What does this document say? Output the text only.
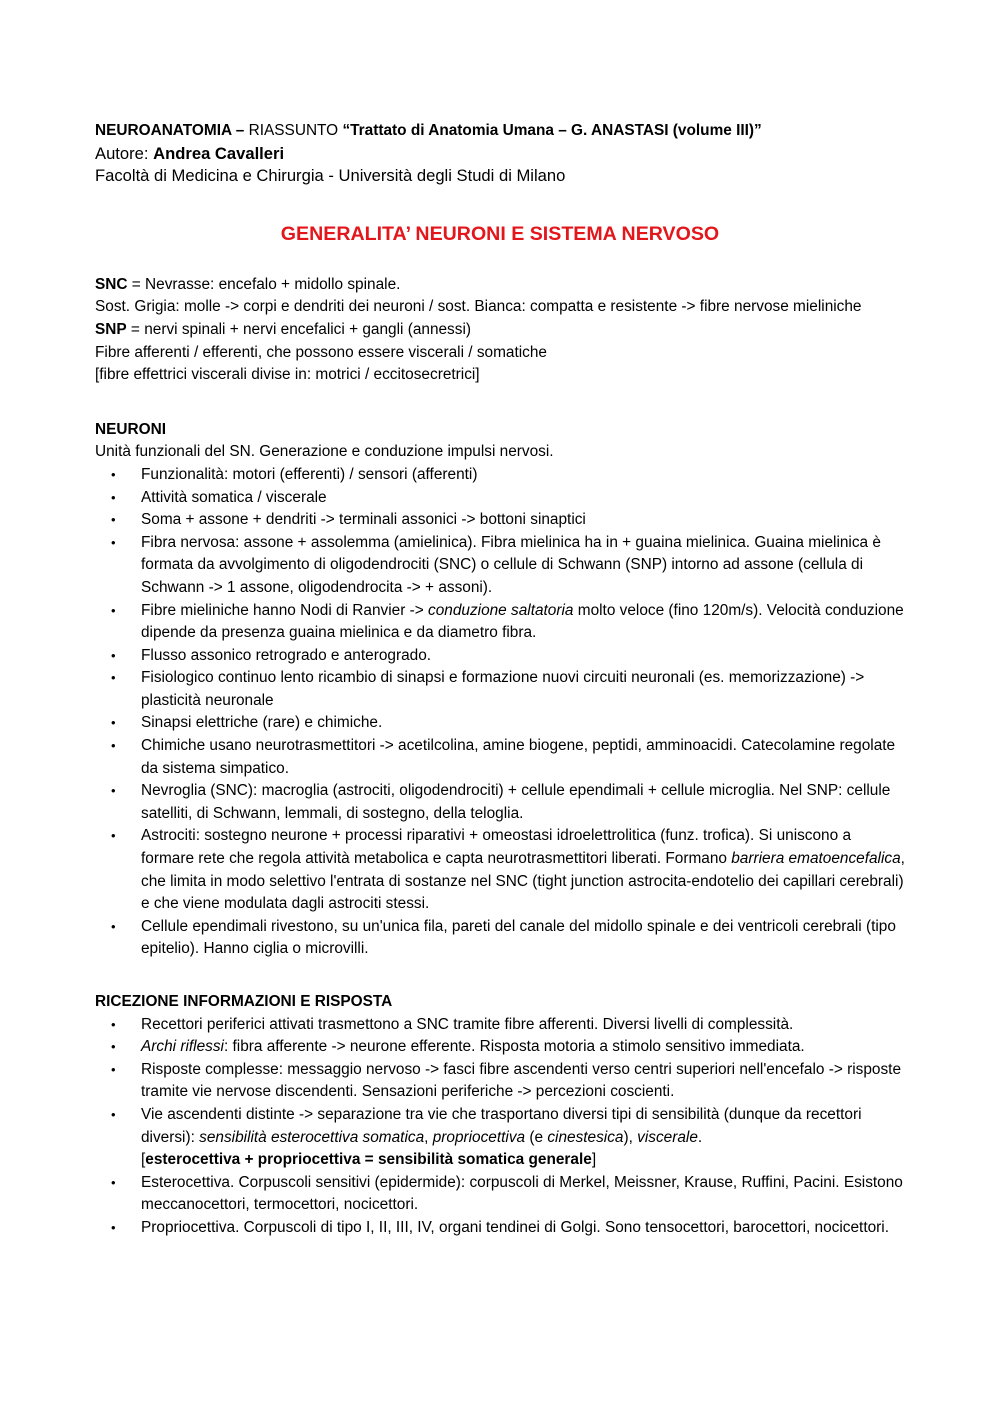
NEUROANATOMIA – RIASSUNTO “Trattato di Anatomia Umana – G. ANASTASI (volume III)”

Autore: Andrea Cavalleri

Facoltà di Medicina e Chirurgia - Università degli Studi di Milano

GENERALITA’ NEURONI E SISTEMA NERVOSO

SNC = Nevrasse: encefalo + midollo spinale.

Sost. Grigia: molle -> corpi e dendriti dei neuroni / sost. Bianca: compatta e resistente -> fibre nervose mieliniche

SNP = nervi spinali + nervi encefalici + gangli (annessi)

Fibre afferenti / efferenti, che possono essere viscerali / somatiche

[fibre effettrici viscerali divise in: motrici / eccitosecretrici]

NEURONI

Unità funzionali del SN. Generazione e conduzione impulsi nervosi.

• Funzionalità: motori (efferenti) / sensori (afferenti)
• Attività somatica / viscerale
• Soma + assone + dendriti -> terminali assonici -> bottoni sinaptici
• Fibra nervosa: assone + assolemma (amielinica). Fibra mielinica ha in + guaina mielinica. Guaina mielinica è formata da avvolgimento di oligodendrociti (SNC) o cellule di Schwann (SNP) intorno ad assone (cellula di Schwann -> 1 assone, oligodendrocita -> + assoni).
• Fibre mieliniche hanno Nodi di Ranvier -> conduzione saltatoria molto veloce (fino 120m/s). Velocità conduzione dipende da presenza guaina mielinica e da diametro fibra.
• Flusso assonico retrogrado e anterogrado.
• Fisiologico continuo lento ricambio di sinapsi e formazione nuovi circuiti neuronali (es. memorizzazione) -> plasticità neuronale
• Sinapsi elettriche (rare) e chimiche.
• Chimiche usano neurotrasmettitori -> acetilcolina, amine biogene, peptidi, amminoacidi. Catecolamine regolate da sistema simpatico.
• Nevroglia (SNC): macroglia (astrociti, oligodendrociti) + cellule ependimali + cellule microglia. Nel SNP: cellule satelliti, di Schwann, lemmali, di sostegno, della teloglia.
• Astrociti: sostegno neurone + processi riparativi + omeostasi idroelettrolitica (funz. trofica). Si uniscono a formare rete che regola attività metabolica e capta neurotrasmettitori liberati. Formano barriera ematoencefalica, che limita in modo selettivo l'entrata di sostanze nel SNC (tight junction astrocita-endotelio dei capillari cerebrali) e che viene modulata dagli astrociti stessi.
• Cellule ependimali rivestono, su un'unica fila, pareti del canale del midollo spinale e dei ventricoli cerebrali (tipo epitelio). Hanno ciglia o microvilli.

RICEZIONE INFORMAZIONI E RISPOSTA

• Recettori periferici attivati trasmettono a SNC tramite fibre afferenti. Diversi livelli di complessità.
• Archi riflessi: fibra afferente -> neurone efferente. Risposta motoria a stimolo sensitivo immediata.
• Risposte complesse: messaggio nervoso -> fasci fibre ascendenti verso centri superiori nell'encefalo -> risposte tramite vie nervose discendenti. Sensazioni periferiche -> percezioni coscienti.
• Vie ascendenti distinte -> separazione tra vie che trasportano diversi tipi di sensibilità (dunque da recettori diversi): sensibilità esterocettiva somatica, propriocettiva (e cinestesica), viscerale.
[esterocettiva + propriocettiva = sensibilità somatica generale]
• Esterocettiva. Corpuscoli sensitivi (epidermide): corpuscoli di Merkel, Meissner, Krause, Ruffini, Pacini. Esistono meccanocettori, termocettori, nocicettori.
• Propriocettiva. Corpuscoli di tipo I, II, III, IV, organi tendinei di Golgi. Sono tensocettori, barocettori, nocicettori.
